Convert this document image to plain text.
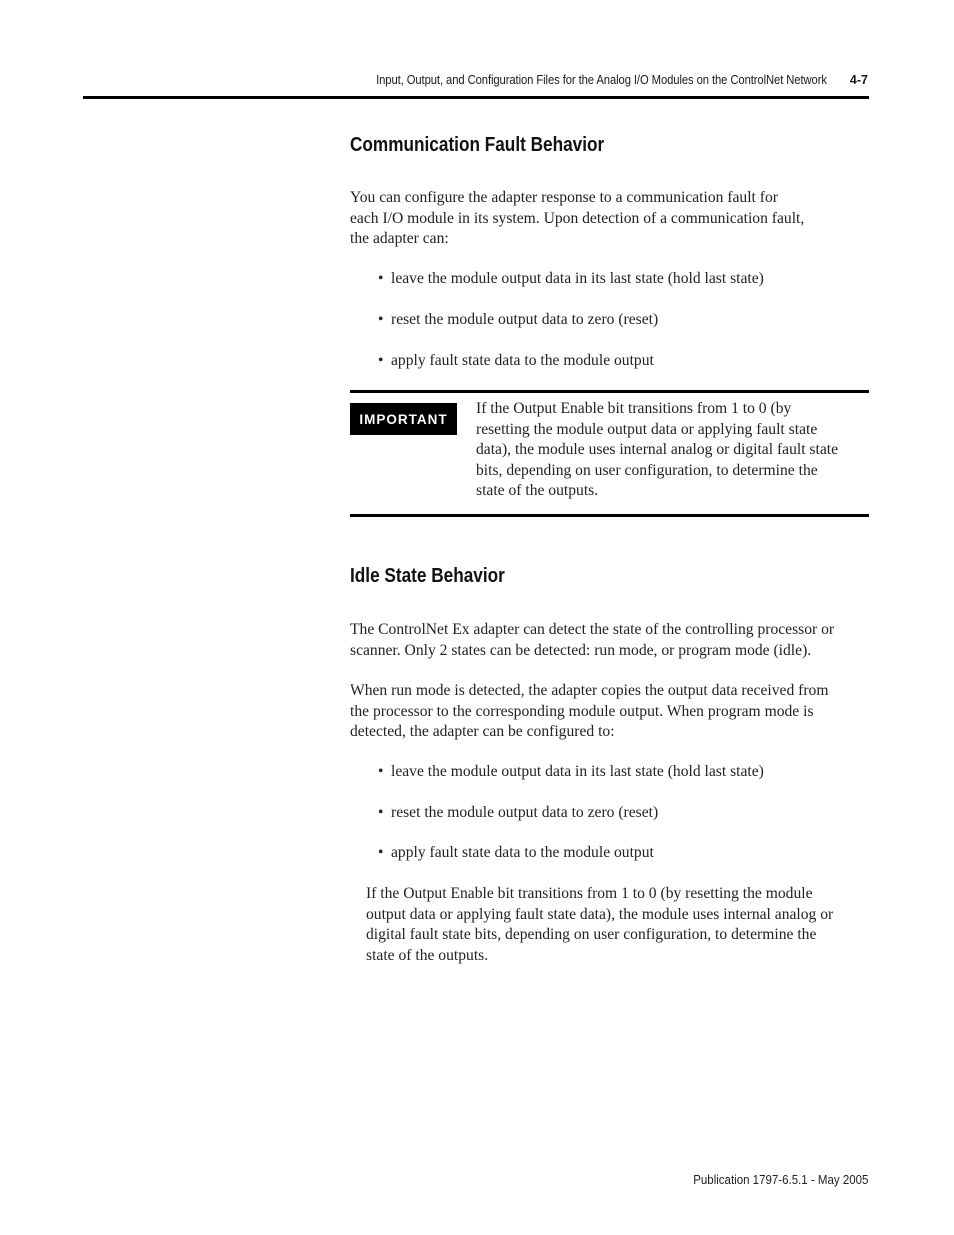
Input, Output, and Configuration Files for the Analog I/O Modules on the ControlNet Network 4-7
Communication Fault Behavior

You can configure the adapter response to a communication fault for
each I/O module in its system. Upon detection of a communication fault,
the adapter can:

• leave the module output data in its last state (hold last state)

• reset the module output data to zero (reset)

• apply fault state data to the module output

IMPORTANT

If the Output Enable bit transitions from 1 to 0 (by
resetting the module output data or applying fault state
data), the module uses internal analog or digital fault state
bits, depending on user configuration, to determine the
state of the outputs.

Idle State Behavior

The ControlNet Ex adapter can detect the state of the controlling processor or
scanner. Only 2 states can be detected: run mode, or program mode (idle).

When run mode is detected, the adapter copies the output data received from
the processor to the corresponding module output. When program mode is
detected, the adapter can be configured to:

• leave the module output data in its last state (hold last state)

• reset the module output data to zero (reset)

• apply fault state data to the module output

If the Output Enable bit transitions from 1 to 0 (by resetting the module
output data or applying fault state data), the module uses internal analog or
digital fault state bits, depending on user configuration, to determine the
state of the outputs.

Publication 1797-6.5.1 - May 2005
